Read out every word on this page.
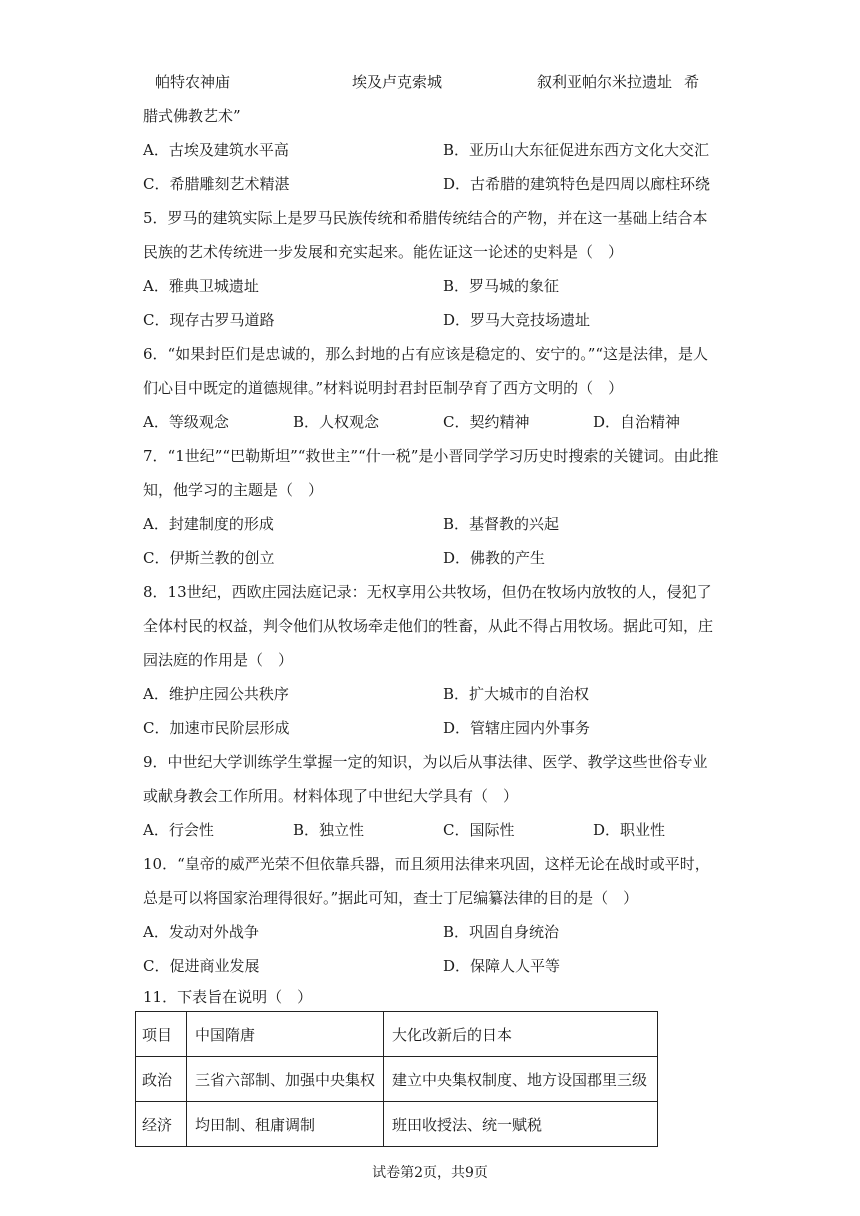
帕特农神庙	埃及卢克索城	叙利亚帕尔米拉遗址 希
腊式佛教艺术”
A．古埃及建筑水平高	B．亚历山大东征促进东西方文化大交汇
C．希腊雕刻艺术精湛	D．古希腊的建筑特色是四周以廊柱环绕
5．罗马的建筑实际上是罗马民族传统和希腊传统结合的产物，并在这一基础上结合本
民族的艺术传统进一步发展和充实起来。能佐证这一论述的史料是（　）
A．雅典卫城遗址	B．罗马城的象征
C．现存古罗马道路	D．罗马大竞技场遗址
6．“如果封臣们是忠诚的，那么封地的占有应该是稳定的、安宁的。”“这是法律，是人
们心目中既定的道德规律。”材料说明封君封臣制孕育了西方文明的（　）
A．等级观念	B．人权观念	C．契约精神	D．自治精神
7．“1世纪”“巴勒斯坦”“救世主”“什一税”是小晋同学学习历史时搜索的关键词。由此推
知，他学习的主题是（　）
A．封建制度的形成	B．基督教的兴起
C．伊斯兰教的创立	D．佛教的产生
8．13世纪，西欧庄园法庭记录：无权享用公共牧场，但仍在牧场内放牧的人，侵犯了
全体村民的权益，判令他们从牧场牵走他们的牲畜，从此不得占用牧场。据此可知，庄
园法庭的作用是（　）
A．维护庄园公共秩序	B．扩大城市的自治权
C．加速市民阶层形成	D．管辖庄园内外事务
9．中世纪大学训练学生掌握一定的知识，为以后从事法律、医学、教学这些世俗专业
或献身教会工作所用。材料体现了中世纪大学具有（　）
A．行会性	B．独立性	C．国际性	D．职业性
10．“皇帝的威严光荣不但依靠兵器，而且须用法律来巩固，这样无论在战时或平时，
总是可以将国家治理得很好。”据此可知，查士丁尼编纂法律的目的是（　）
A．发动对外战争	B．巩固自身统治
C．促进商业发展	D．保障人人平等
11．下表旨在说明（　）
项目	中国隋唐	大化改新后的日本
政治	三省六部制、加强中央集权	建立中央集权制度、地方设国郡里三级
经济	均田制、租庸调制	班田收授法、统一赋税
试卷第2页，共9页
